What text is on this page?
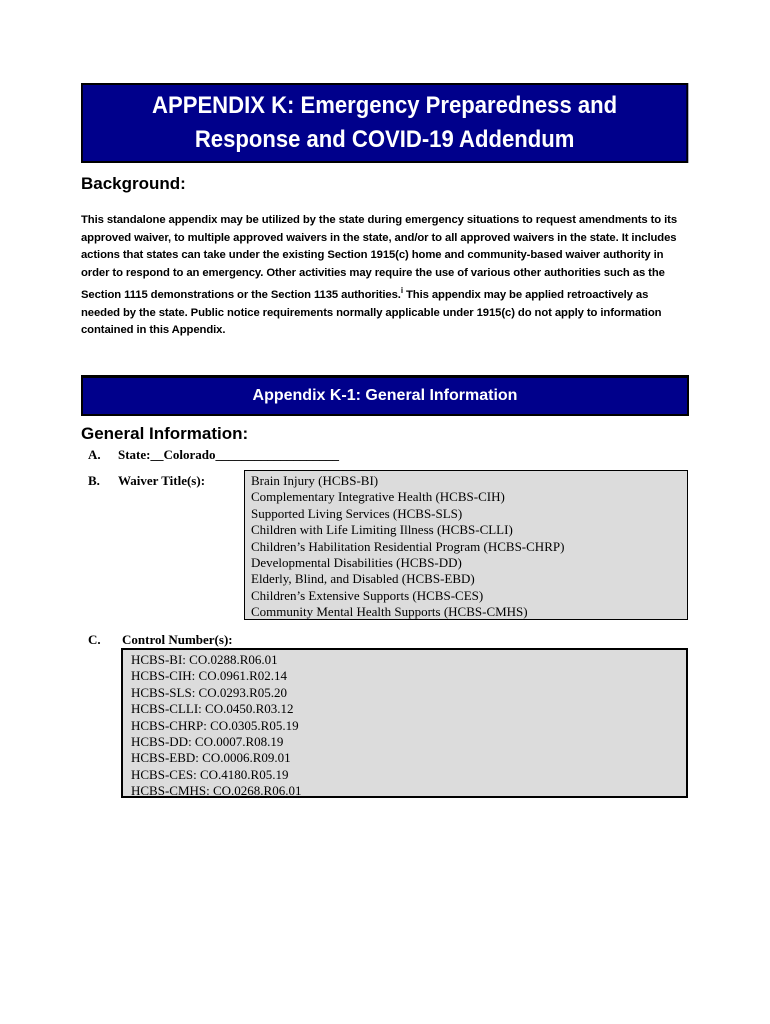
APPENDIX K: Emergency Preparedness and
Response and COVID-19 Addendum
Background:
This standalone appendix may be utilized by the state during emergency situations to request amendments to its approved waiver, to multiple approved waivers in the state, and/or to all approved waivers in the state. It includes actions that states can take under the existing Section 1915(c) home and community-based waiver authority in order to respond to an emergency. Other activities may require the use of various other authorities such as the Section 1115 demonstrations or the Section 1135 authorities.$^i$ This appendix may be applied retroactively as needed by the state. Public notice requirements normally applicable under 1915(c) do not apply to information contained in this Appendix.
Appendix K-1: General Information
General Information:
A. State:__Colorado___________________
B. Waiver Title(s):	Brain Injury (HCBS-BI)
Complementary Integrative Health (HCBS-CIH)
Supported Living Services (HCBS-SLS)
Children with Life Limiting Illness (HCBS-CLLI)
Children’s Habilitation Residential Program (HCBS-CHRP)
Developmental Disabilities (HCBS-DD)
Elderly, Blind, and Disabled (HCBS-EBD)
Children’s Extensive Supports (HCBS-CES)
Community Mental Health Supports (HCBS-CMHS)
C. Control Number(s):
HCBS-BI: CO.0288.R06.01
HCBS-CIH: CO.0961.R02.14
HCBS-SLS: CO.0293.R05.20
HCBS-CLLI: CO.0450.R03.12
HCBS-CHRP: CO.0305.R05.19
HCBS-DD: CO.0007.R08.19
HCBS-EBD: CO.0006.R09.01
HCBS-CES: CO.4180.R05.19
HCBS-CMHS: CO.0268.R06.01
